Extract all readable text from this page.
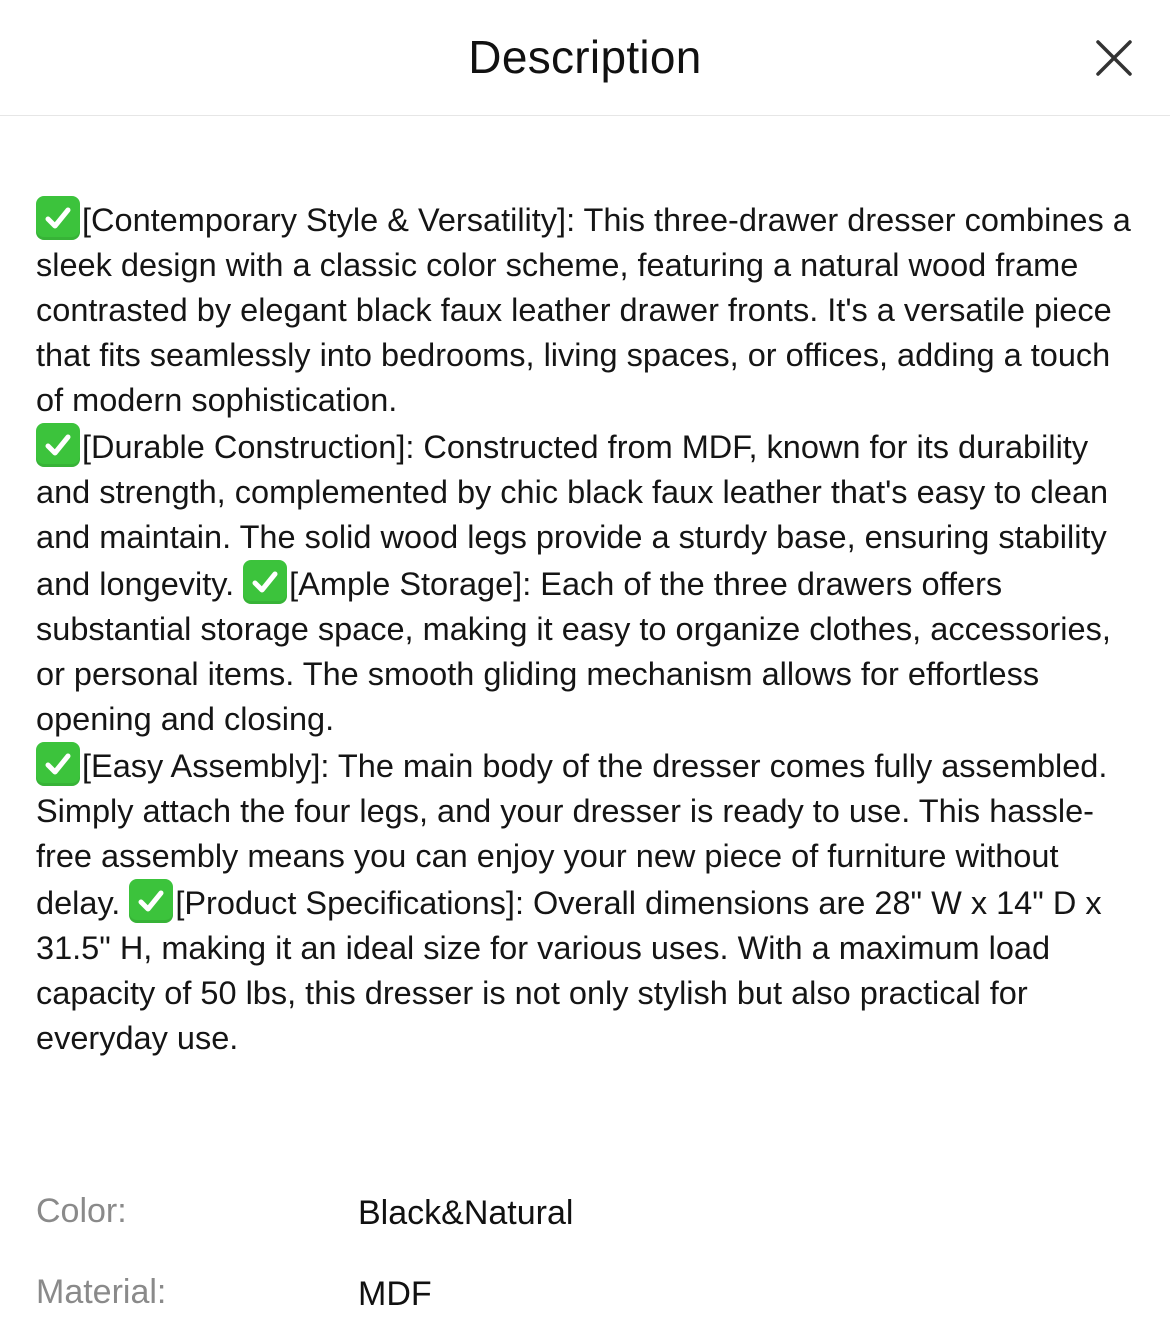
Description

[Contemporary Style & Versatility]: This three-drawer dresser combines a sleek design with a classic color scheme, featuring a natural wood frame contrasted by elegant black faux leather drawer fronts. It's a versatile piece that fits seamlessly into bedrooms, living spaces, or offices, adding a touch of modern sophistication.

[Durable Construction]: Constructed from MDF, known for its durability and strength, complemented by chic black faux leather that's easy to clean and maintain. The solid wood legs provide a sturdy base, ensuring stability and longevity.
[Ample Storage]: Each of the three drawers offers substantial storage space, making it easy to organize clothes, accessories, or personal items. The smooth gliding mechanism allows for effortless opening and closing.

[Easy Assembly]: The main body of the dresser comes fully assembled. Simply attach the four legs, and your dresser is ready to use. This hassle-free assembly means you can enjoy your new piece of furniture without delay.
[Product Specifications]: Overall dimensions are 28" W x 14" D x 31.5" H, making it an ideal size for various uses. With a maximum load capacity of 50 lbs, this dresser is not only stylish but also practical for everyday use.

Color:	Black&Natural
Material:	MDF
